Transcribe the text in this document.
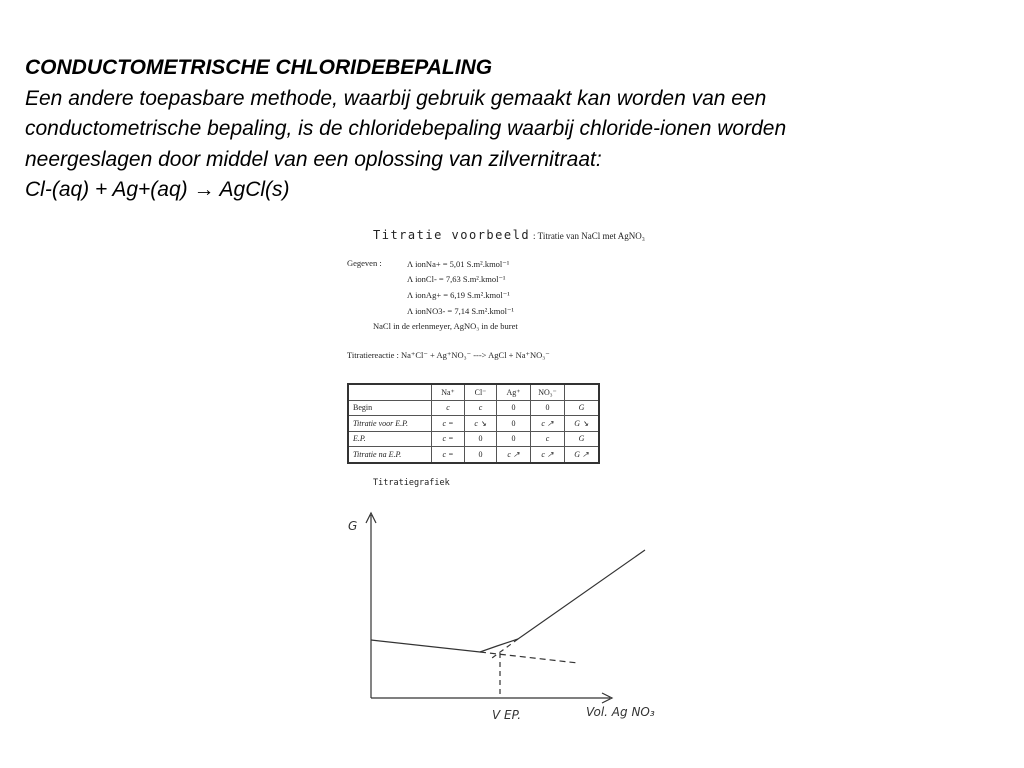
CONDUCTOMETRISCHE CHLORIDEBEPALING
Een andere toepasbare methode, waarbij gebruik gemaakt kan worden van een
conductometrische bepaling, is de chloridebepaling waarbij chloride-ionen worden
neergeslagen door middel van een oplossing van zilvernitraat:
Cl-(aq) + Ag+(aq) → AgCl(s)
Titratie voorbeeld : Titratie van NaCl met AgNO₃
Gegeven :	Λ ionNa+ = 5,01 S.m².kmol⁻¹
Λ ionCl- = 7,63 S.m².kmol⁻¹
Λ ionAg+ = 6,19 S.m².kmol⁻¹
Λ ionNO3- = 7,14 S.m².kmol⁻¹
NaCl in de erlenmeyer, AgNO₃ in de buret
Titratiereactie : Na⁺Cl⁻ + Ag⁺NO₃⁻ ---> AgCl + Na⁺NO₃⁻
	Na⁺	Cl⁻	Ag⁺	NO₃⁻	
Begin	c	c	0	0	G
Titratie voor E.P.	c =	c ↘	0	c ↗	G ↘
E.P.	c =	0	0	c	G
Titratie na E.P.	c =	0	c ↗	c ↗	G ↗
Titratiegrafiek
G
V EP.	Vol. Ag NO₃
